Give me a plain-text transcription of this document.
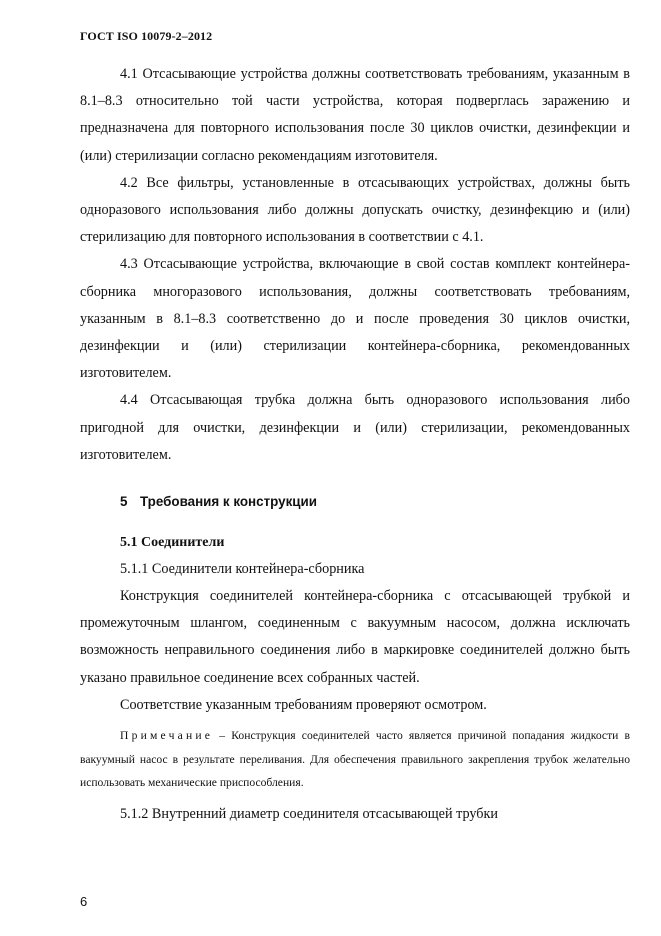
ГОСТ ISO 10079-2–2012

4.1 Отсасывающие устройства должны соответствовать требованиям, указанным в 8.1–8.3 относительно той части устройства, которая подверглась заражению и предназначена для повторного использования после 30 циклов очистки, дезинфекции и (или) стерилизации согласно рекомендациям изготовителя.

4.2 Все фильтры, установленные в отсасывающих устройствах, должны быть одноразового использования либо должны допускать очистку, дезинфекцию и (или) стерилизацию для повторного использования в соответствии с 4.1.

4.3 Отсасывающие устройства, включающие в свой состав комплект контейнера-сборника многоразового использования, должны соответствовать требованиям, указанным в 8.1–8.3 соответственно до и после проведения 30 циклов очистки, дезинфекции и (или) стерилизации контейнера-сборника, рекомендованных изготовителем.

4.4 Отсасывающая трубка должна быть одноразового использования либо пригодной для очистки, дезинфекции и (или) стерилизации, рекомендованных изготовителем.

5 Требования к конструкции

5.1 Соединители

5.1.1 Соединители контейнера-сборника

Конструкция соединителей контейнера-сборника с отсасывающей трубкой и промежуточным шлангом, соединенным с вакуумным насосом, должна исключать возможность неправильного соединения либо в маркировке соединителей должно быть указано правильное соединение всех собранных частей.

Соответствие указанным требованиям проверяют осмотром.

Примечание – Конструкция соединителей часто является причиной попадания жидкости в вакуумный насос в результате переливания. Для обеспечения правильного закрепления трубок желательно использовать механические приспособления.

5.1.2 Внутренний диаметр соединителя отсасывающей трубки

6
